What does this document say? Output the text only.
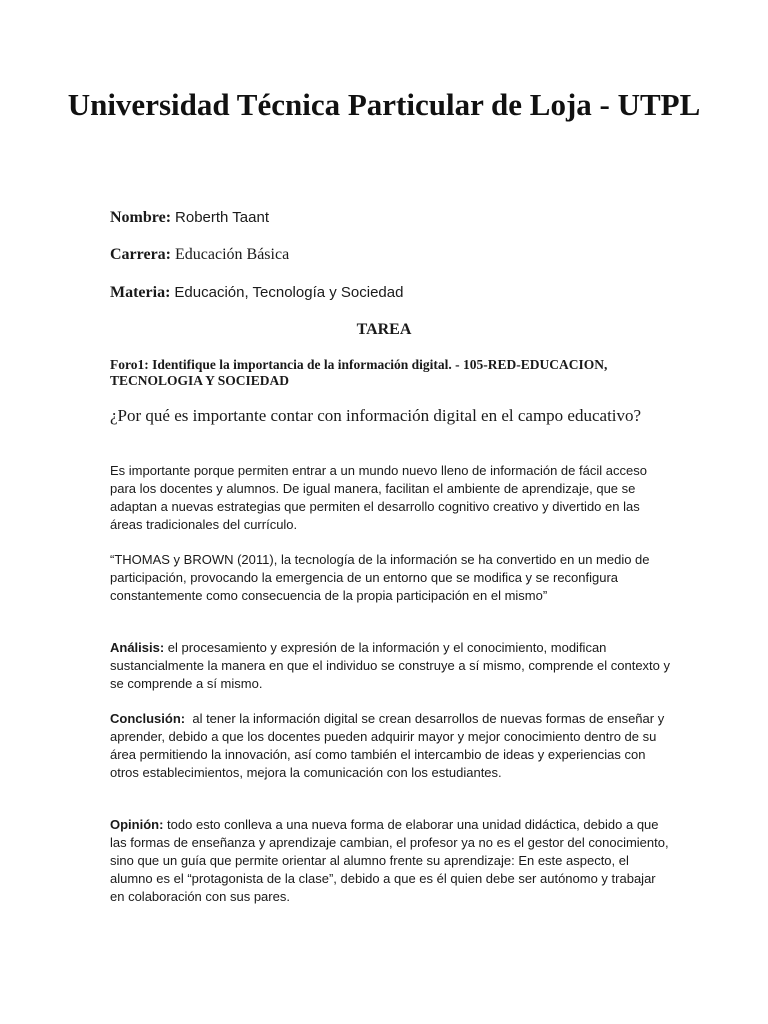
Universidad Técnica Particular de Loja - UTPL
Nombre: Roberth Taant
Carrera: Educación Básica
Materia: Educación, Tecnología y Sociedad
TAREA
Foro1: Identifique la importancia de la información digital. - 105-RED-EDUCACION, TECNOLOGIA Y SOCIEDAD
¿Por qué es importante contar con información digital en el campo educativo?

Es importante porque permiten entrar a un mundo nuevo lleno de información de fácil acceso para los docentes y alumnos. De igual manera, facilitan el ambiente de aprendizaje, que se adaptan a nuevas estrategias que permiten el desarrollo cognitivo creativo y divertido en las áreas tradicionales del currículo.

“THOMAS y BROWN (2011), la tecnología de la información se ha convertido en un medio de participación, provocando la emergencia de un entorno que se modifica y se reconfigura constantemente como consecuencia de la propia participación en el mismo”

Análisis: el procesamiento y expresión de la información y el conocimiento, modifican sustancialmente la manera en que el individuo se construye a sí mismo, comprende el contexto y se comprende a sí mismo.

Conclusión:  al tener la información digital se crean desarrollos de nuevas formas de enseñar y aprender, debido a que los docentes pueden adquirir mayor y mejor conocimiento dentro de su área permitiendo la innovación, así como también el intercambio de ideas y experiencias con otros establecimientos, mejora la comunicación con los estudiantes.

Opinión: todo esto conlleva a una nueva forma de elaborar una unidad didáctica, debido a que las formas de enseñanza y aprendizaje cambian, el profesor ya no es el gestor del conocimiento, sino que un guía que permite orientar al alumno frente su aprendizaje: En este aspecto, el alumno es el “protagonista de la clase”, debido a que es él quien debe ser autónomo y trabajar en colaboración con sus pares.
